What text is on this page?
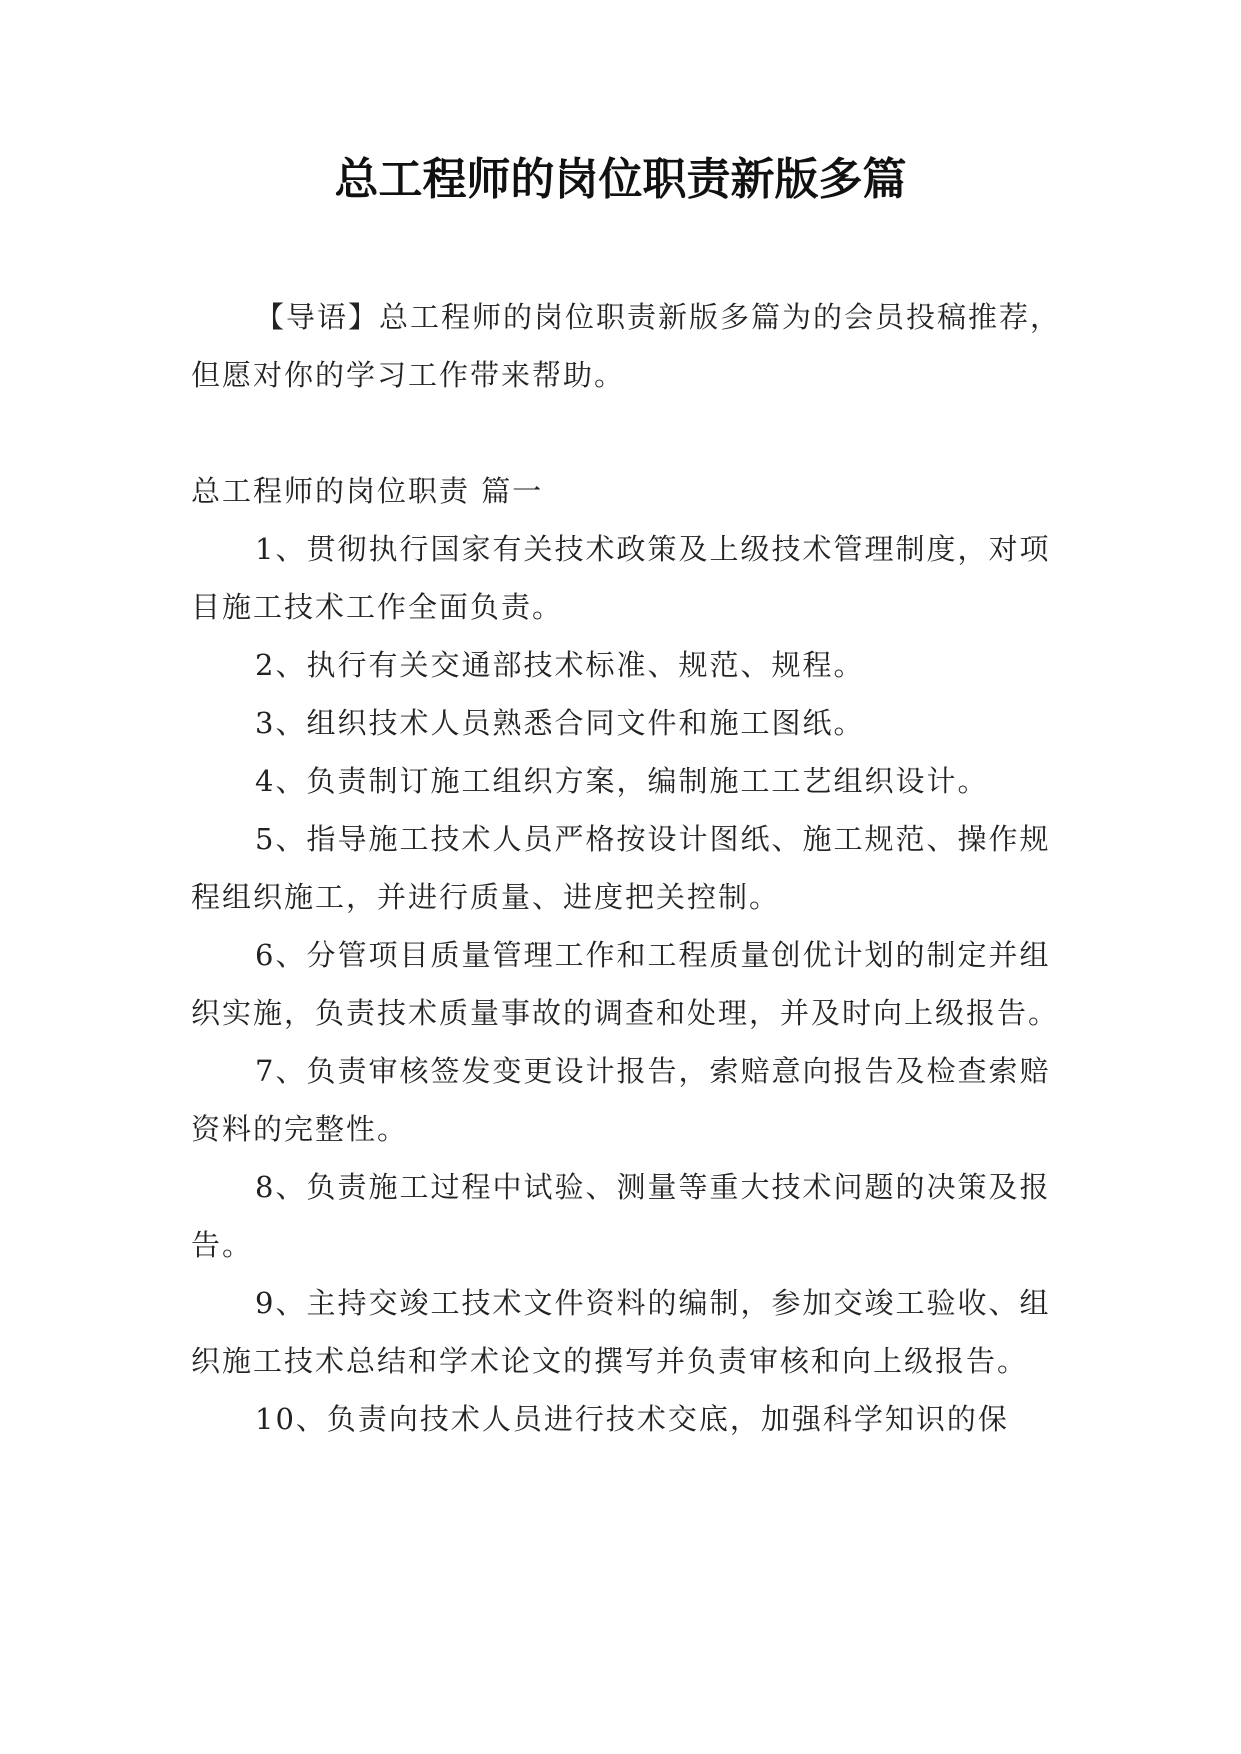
总工程师的岗位职责新版多篇

【导语】总工程师的岗位职责新版多篇为的会员投稿推荐，但愿对你的学习工作带来帮助。

总工程师的岗位职责 篇一

1、贯彻执行国家有关技术政策及上级技术管理制度，对项目施工技术工作全面负责。

2、执行有关交通部技术标准、规范、规程。

3、组织技术人员熟悉合同文件和施工图纸。

4、负责制订施工组织方案，编制施工工艺组织设计。

5、指导施工技术人员严格按设计图纸、施工规范、操作规程组织施工，并进行质量、进度把关控制。

6、分管项目质量管理工作和工程质量创优计划的制定并组织实施，负责技术质量事故的调查和处理，并及时向上级报告。

7、负责审核签发变更设计报告，索赔意向报告及检查索赔资料的完整性。

8、负责施工过程中试验、测量等重大技术问题的决策及报告。

9、主持交竣工技术文件资料的编制，参加交竣工验收、组织施工技术总结和学术论文的撰写并负责审核和向上级报告。

10、负责向技术人员进行技术交底，加强科学知识的保
